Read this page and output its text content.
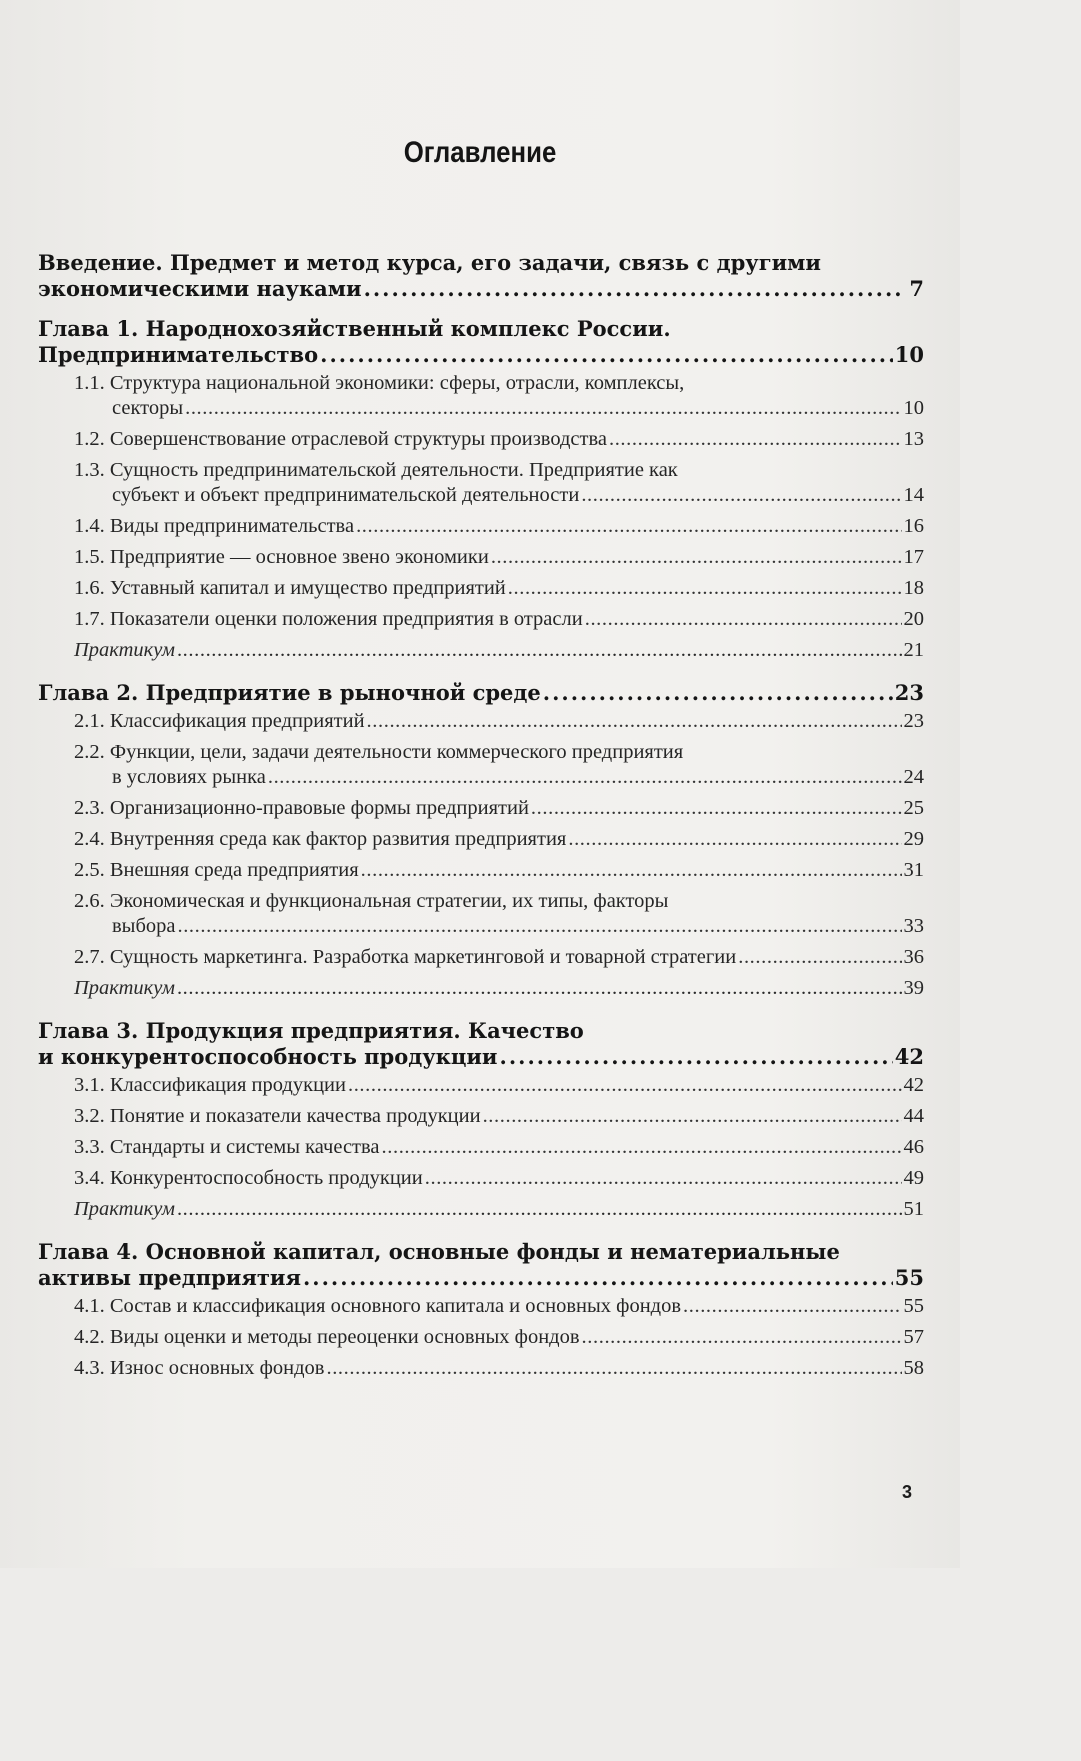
Оглавление
Введение. Предмет и метод курса, его задачи, связь с другими
экономическими науками .....	7
Глава 1. Народнохозяйственный комплекс России.
Предпринимательство .....	10
1.1. Структура национальной экономики: сферы, отрасли, комплексы,
секторы .....	10
1.2. Совершенствование отраслевой структуры производства .....	13
1.3. Сущность предпринимательской деятельности. Предприятие как
субъект и объект предпринимательской деятельности .....	14
1.4. Виды предпринимательства .....	16
1.5. Предприятие — основное звено экономики .....	17
1.6. Уставный капитал и имущество предприятий .....	18
1.7. Показатели оценки положения предприятия в отрасли .....	20
Практикум .....	21
Глава 2. Предприятие в рыночной среде .....	23
2.1. Классификация предприятий .....	23
2.2. Функции, цели, задачи деятельности коммерческого предприятия
в условиях рынка .....	24
2.3. Организационно-правовые формы предприятий .....	25
2.4. Внутренняя среда как фактор развития предприятия .....	29
2.5. Внешняя среда предприятия .....	31
2.6. Экономическая и функциональная стратегии, их типы, факторы
выбора .....	33
2.7. Сущность маркетинга. Разработка маркетинговой и товарной стратегии .....	36
Практикум .....	39
Глава 3. Продукция предприятия. Качество
и конкурентоспособность продукции .....	42
3.1. Классификация продукции .....	42
3.2. Понятие и показатели качества продукции .....	44
3.3. Стандарты и системы качества .....	46
3.4. Конкурентоспособность продукции .....	49
Практикум .....	51
Глава 4. Основной капитал, основные фонды и нематериальные
активы предприятия .....	55
4.1. Состав и классификация основного капитала и основных фондов .....	55
4.2. Виды оценки и методы переоценки основных фондов .....	57
4.3. Износ основных фондов .....	58
3
